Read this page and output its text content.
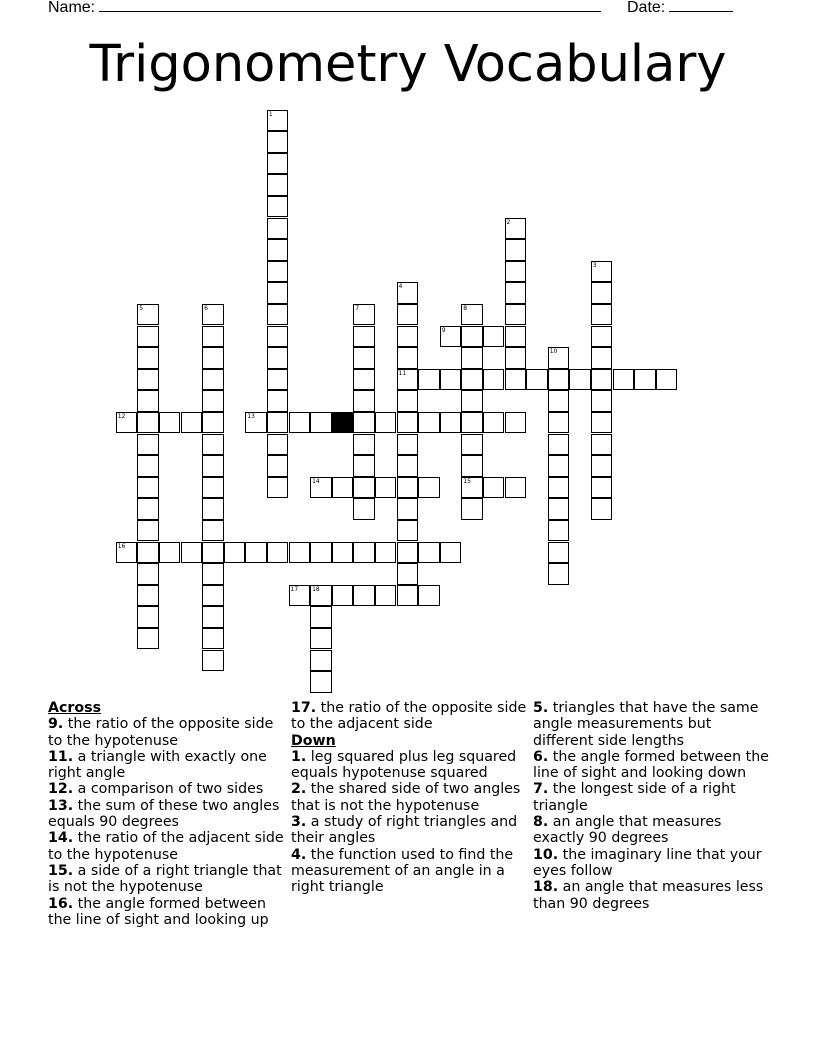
Name:	Date:
Trigonometry Vocabulary
1
2
3
4
11
5	6	7	8
15
9
10
12	13
14
16
17 18
Across
9. the ratio of the opposite side to the hypotenuse
11. a triangle with exactly one right angle
12. a comparison of two sides
13. the sum of these two angles equals 90 degrees
14. the ratio of the adjacent side to the hypotenuse
15. a side of a right triangle that is not the hypotenuse
16. the angle formed between the line of sight and looking up
17. the ratio of the opposite side to the adjacent side
Down
1. leg squared plus leg squared equals hypotenuse squared
2. the shared side of two angles that is not the hypotenuse
3. a study of right triangles and their angles
4. the function used to find the measurement of an angle in a right triangle
5. triangles that have the same angle measurements but different side lengths
6. the angle formed between the line of sight and looking down
7. the longest side of a right triangle
8. an angle that measures exactly 90 degrees
10. the imaginary line that your eyes follow
18. an angle that measures less than 90 degrees
